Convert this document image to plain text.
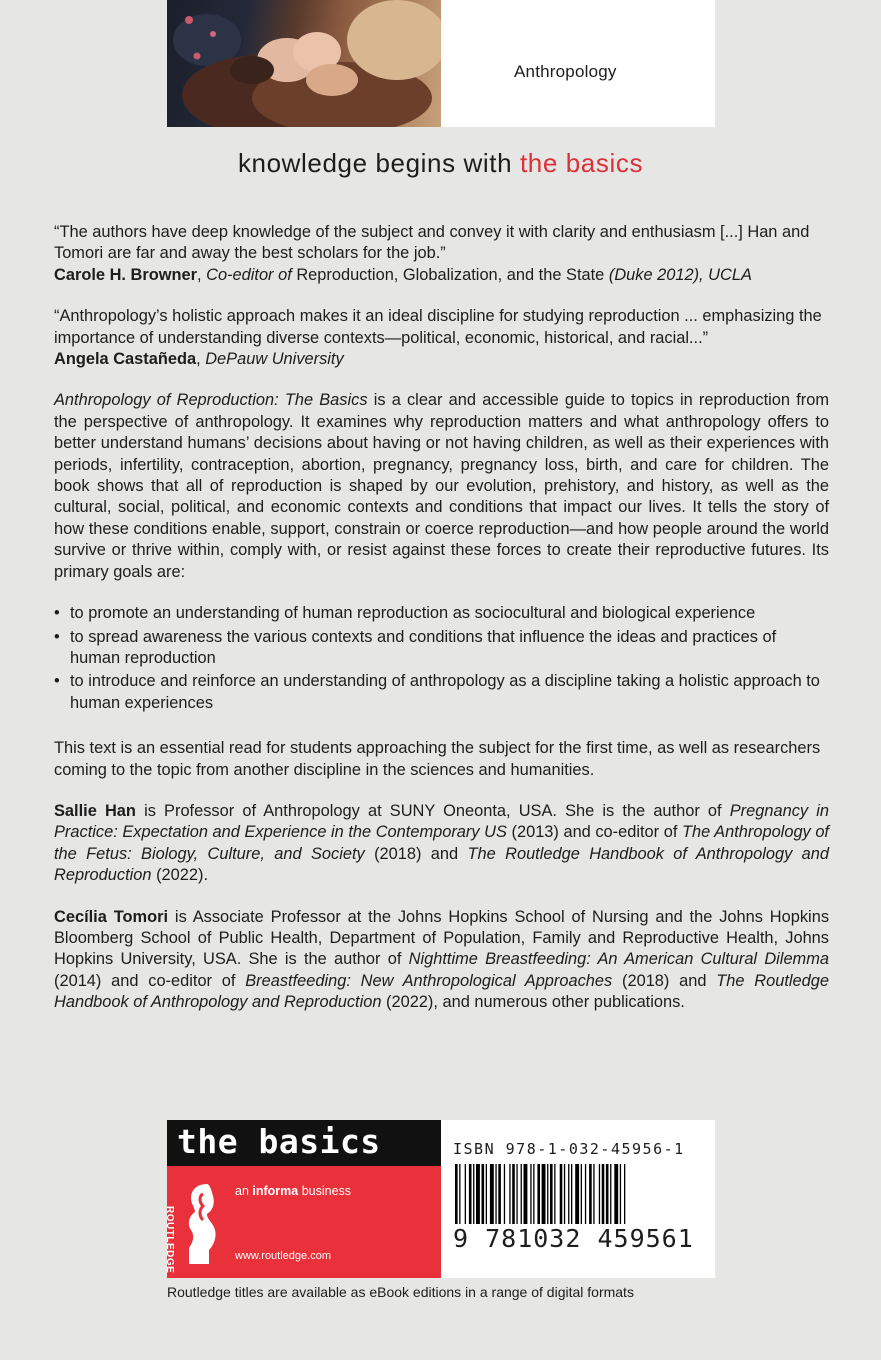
Anthropology
knowledge begins with the basics

“The authors have deep knowledge of the subject and convey it with clarity and enthusiasm [...] Han and Tomori are far and away the best scholars for the job.”
Carole H. Browner, Co-editor of Reproduction, Globalization, and the State (Duke 2012), UCLA

“Anthropology’s holistic approach makes it an ideal discipline for studying reproduction ... emphasizing the importance of understanding diverse contexts—political, economic, historical, and racial...”
Angela Castañeda, DePauw University

Anthropology of Reproduction: The Basics is a clear and accessible guide to topics in reproduction from the perspective of anthropology. It examines why reproduction matters and what anthropology offers to better understand humans’ decisions about having or not having children, as well as their experiences with periods, infertility, contraception, abortion, pregnancy, pregnancy loss, birth, and care for children. The book shows that all of reproduction is shaped by our evolution, prehistory, and history, as well as the cultural, social, political, and economic contexts and conditions that impact our lives. It tells the story of how these conditions enable, support, constrain or coerce reproduction—and how people around the world survive or thrive within, comply with, or resist against these forces to create their reproductive futures. Its primary goals are:

• to promote an understanding of human reproduction as sociocultural and biological experience
• to spread awareness the various contexts and conditions that influence the ideas and practices of human reproduction
• to introduce and reinforce an understanding of anthropology as a discipline taking a holistic approach to human experiences

This text is an essential read for students approaching the subject for the first time, as well as researchers coming to the topic from another discipline in the sciences and humanities.

Sallie Han is Professor of Anthropology at SUNY Oneonta, USA. She is the author of Pregnancy in Practice: Expectation and Experience in the Contemporary US (2013) and co-editor of The Anthropology of the Fetus: Biology, Culture, and Society (2018) and The Routledge Handbook of Anthropology and Reproduction (2022).

Cecília Tomori is Associate Professor at the Johns Hopkins School of Nursing and the Johns Hopkins Bloomberg School of Public Health, Department of Population, Family and Reproductive Health, Johns Hopkins University, USA. She is the author of Nighttime Breastfeeding: An American Cultural Dilemma (2014) and co-editor of Breastfeeding: New Anthropological Approaches (2018) and The Routledge Handbook of Anthropology and Reproduction (2022), and numerous other publications.

the basics
ROUTLEDGE
an informa business
www.routledge.com
ISBN 978-1-032-45956-1
9 781032 459561
Routledge titles are available as eBook editions in a range of digital formats
